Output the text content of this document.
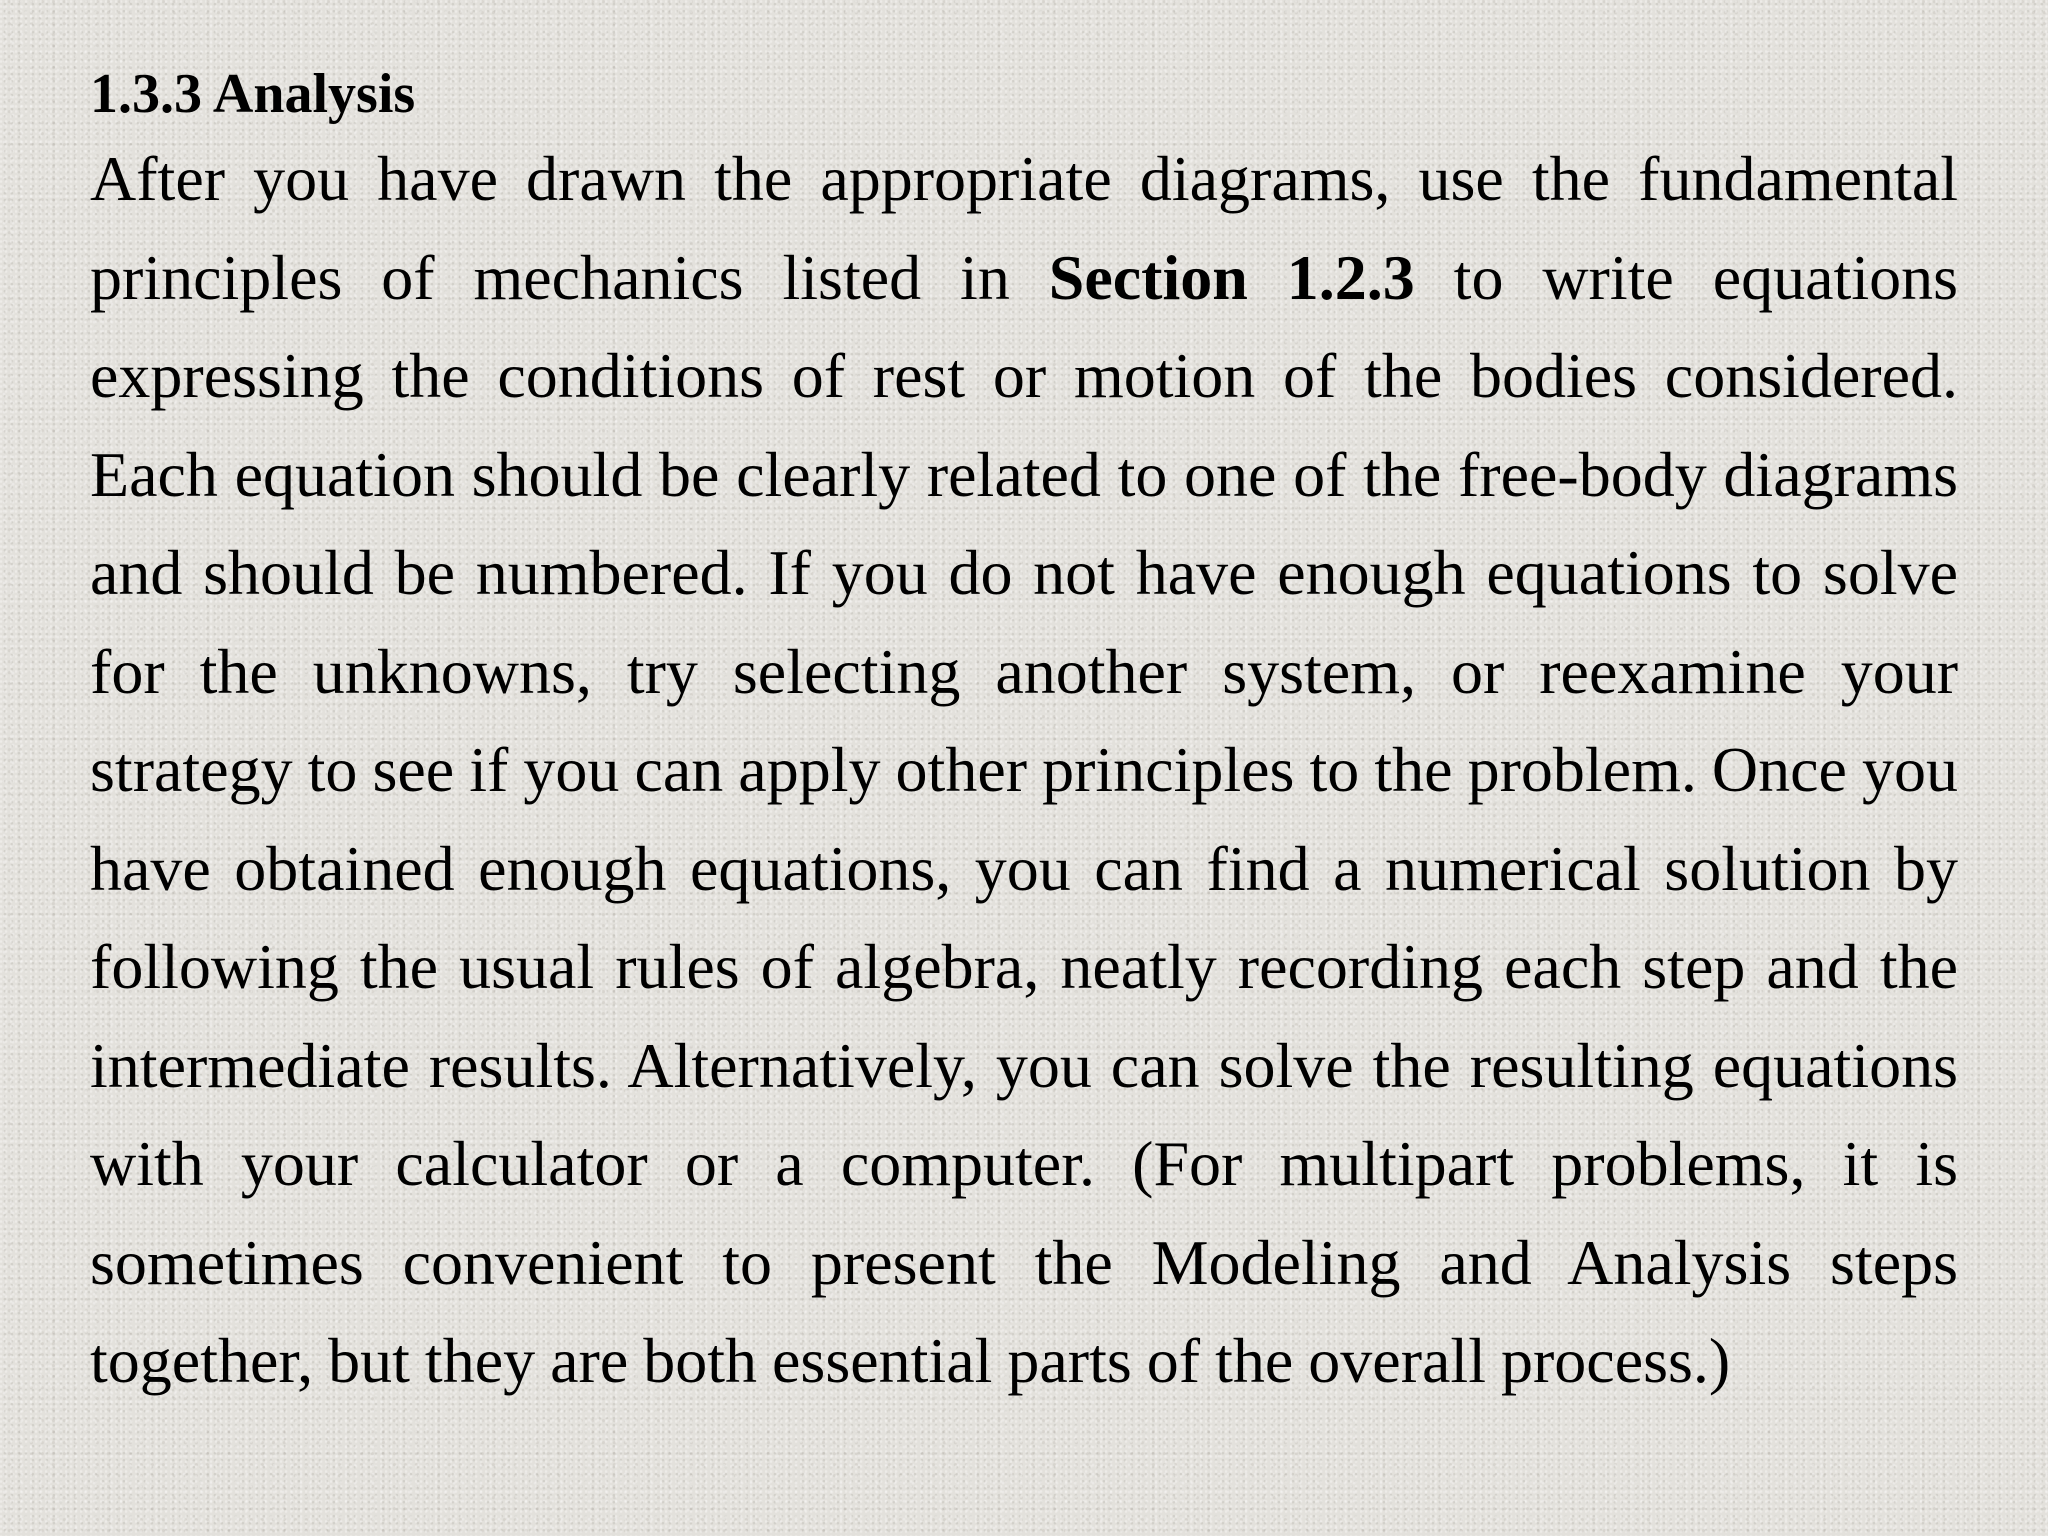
1.3.3 Analysis

After you have drawn the appropriate diagrams, use the fundamental principles of mechanics listed in Section 1.2.3 to write equations expressing the conditions of rest or motion of the bodies considered. Each equation should be clearly related to one of the free-body diagrams and should be numbered. If you do not have enough equations to solve for the unknowns, try selecting another system, or reexamine your strategy to see if you can apply other principles to the problem. Once you have obtained enough equations, you can find a numerical solution by following the usual rules of algebra, neatly recording each step and the intermediate results. Alternatively, you can solve the resulting equations with your calculator or a computer. (For multipart problems, it is sometimes convenient to present the Modeling and Analysis steps together, but they are both essential parts of the overall process.)
